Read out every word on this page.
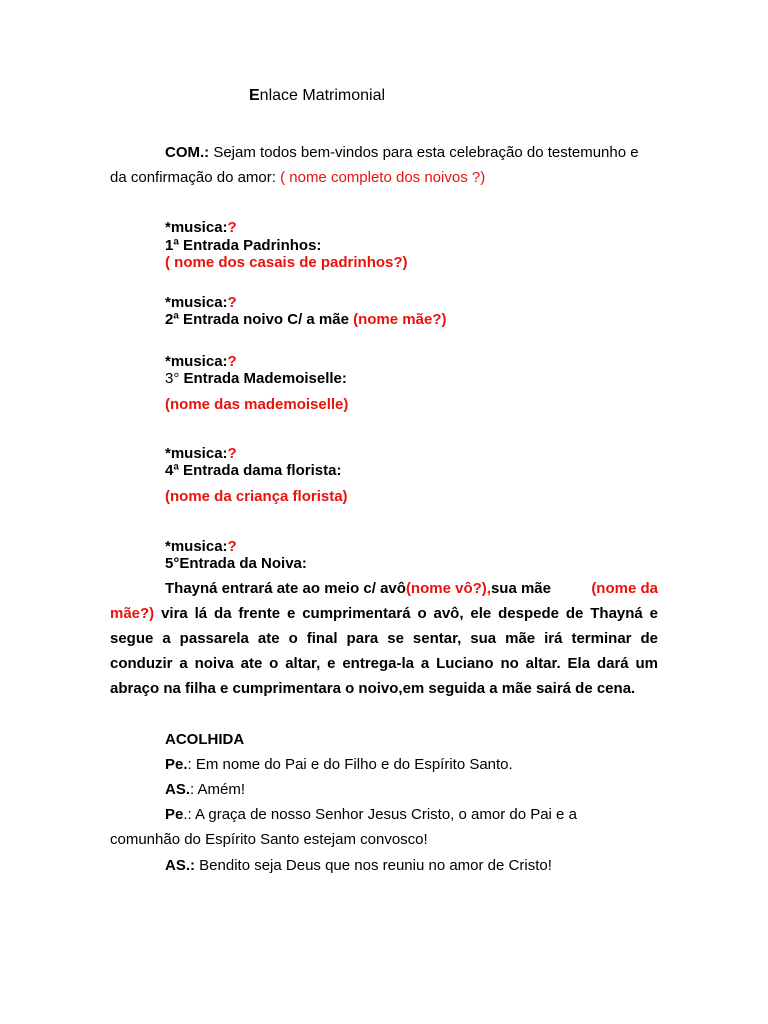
Enlace Matrimonial
COM.: Sejam todos bem-vindos para esta celebração do testemunho e
da confirmação do amor: ( nome completo dos noivos ?)
*musica:?
1ª Entrada Padrinhos:
( nome dos casais de padrinhos?)
*musica:?
2ª Entrada noivo C/ a mãe (nome mãe?)
*musica:?
3° Entrada Mademoiselle:
(nome das mademoiselle)
*musica:?
4ª Entrada dama florista:
(nome da criança florista)
*musica:?
5°Entrada da Noiva:
Thayná entrará ate ao meio c/ avô(nome vô?),sua mãe	(nome da
mãe?) vira lá da frente e cumprimentará o avô, ele despede de Thayná e
segue a passarela ate o final para se sentar, sua mãe irá terminar de
conduzir a noiva ate o altar, e entrega-la a Luciano no altar. Ela dará um
abraço na filha e cumprimentara o noivo,em seguida a mãe sairá de cena.
ACOLHIDA
Pe.: Em nome do Pai e do Filho e do Espírito Santo.
AS.: Amém!
Pe.: A graça de nosso Senhor Jesus Cristo, o amor do Pai e a
comunhão do Espírito Santo estejam convosco!
AS.: Bendito seja Deus que nos reuniu no amor de Cristo!
